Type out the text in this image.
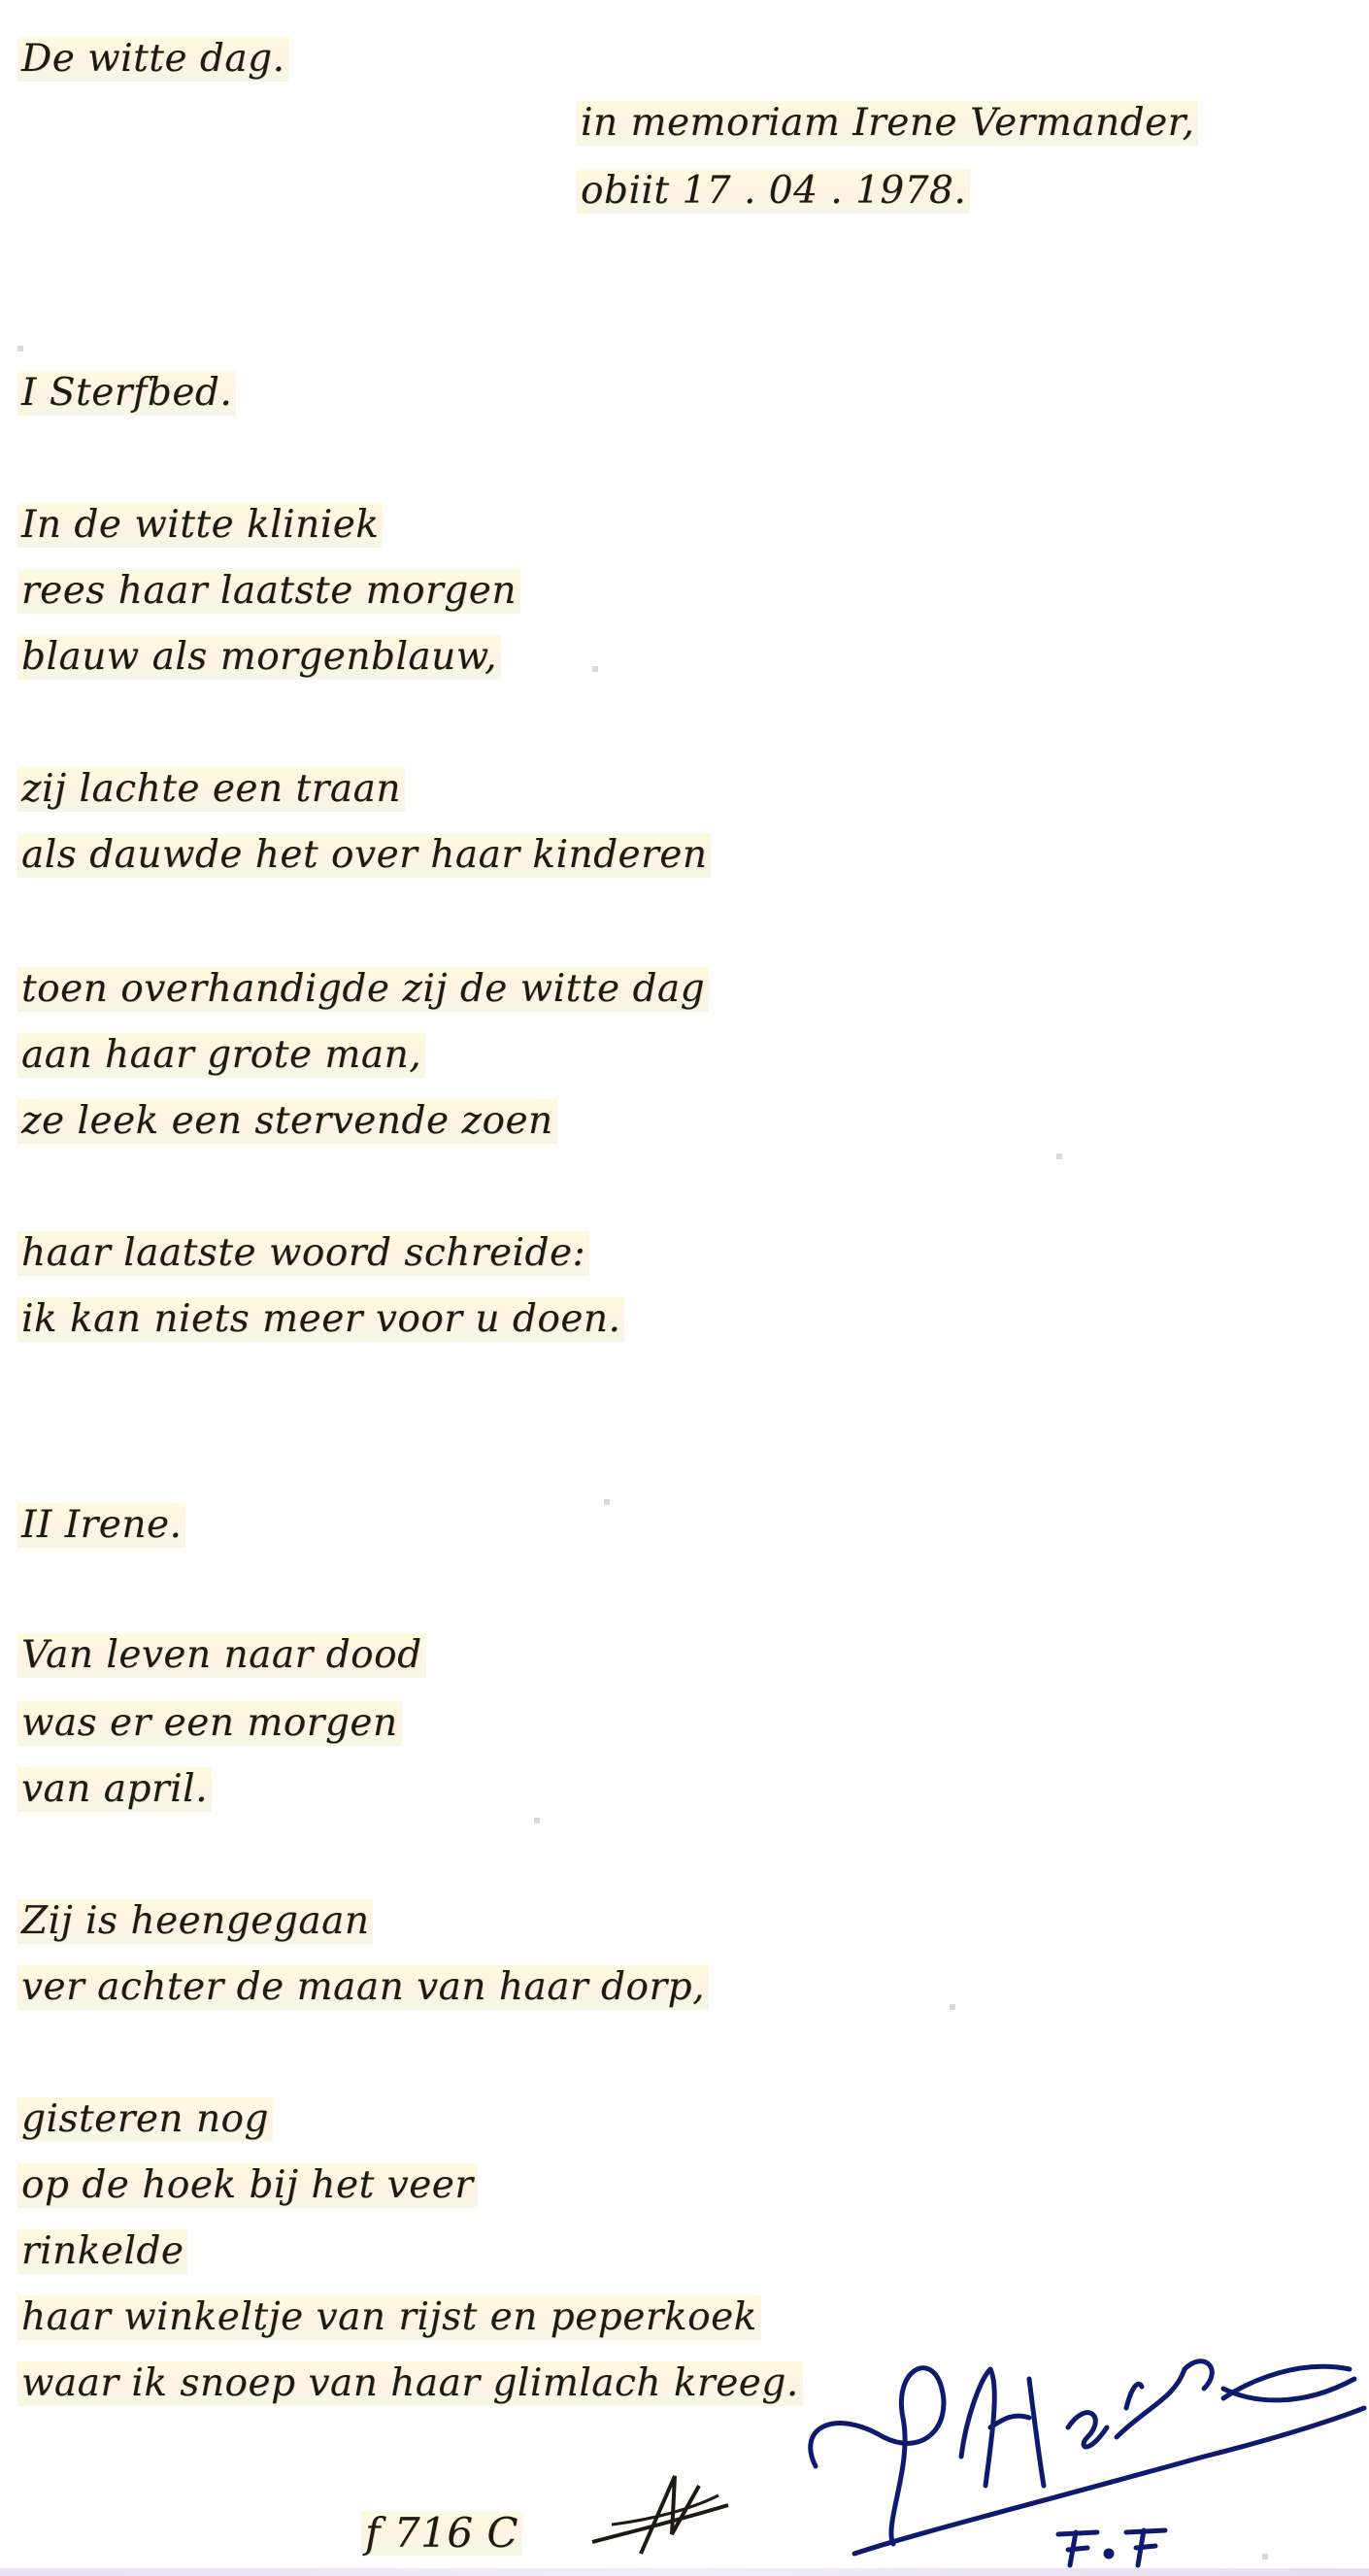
De witte dag.
in memoriam Irene Vermander,
obiit 17 . 04 . 1978.
I Sterfbed.
In de witte kliniek
rees haar laatste morgen
blauw als morgenblauw,
zij lachte een traan
als dauwde het over haar kinderen
toen overhandigde zij de witte dag
aan haar grote man,
ze leek een stervende zoen
haar laatste woord schreide:
ik kan niets meer voor u doen.
II Irene.
Van leven naar dood
was er een morgen
van april.
Zij is heengegaan
ver achter de maan van haar dorp,
gisteren nog
op de hoek bij het veer
rinkelde
haar winkeltje van rijst en peperkoek
waar ik snoep van haar glimlach kreeg.
f 716 C
